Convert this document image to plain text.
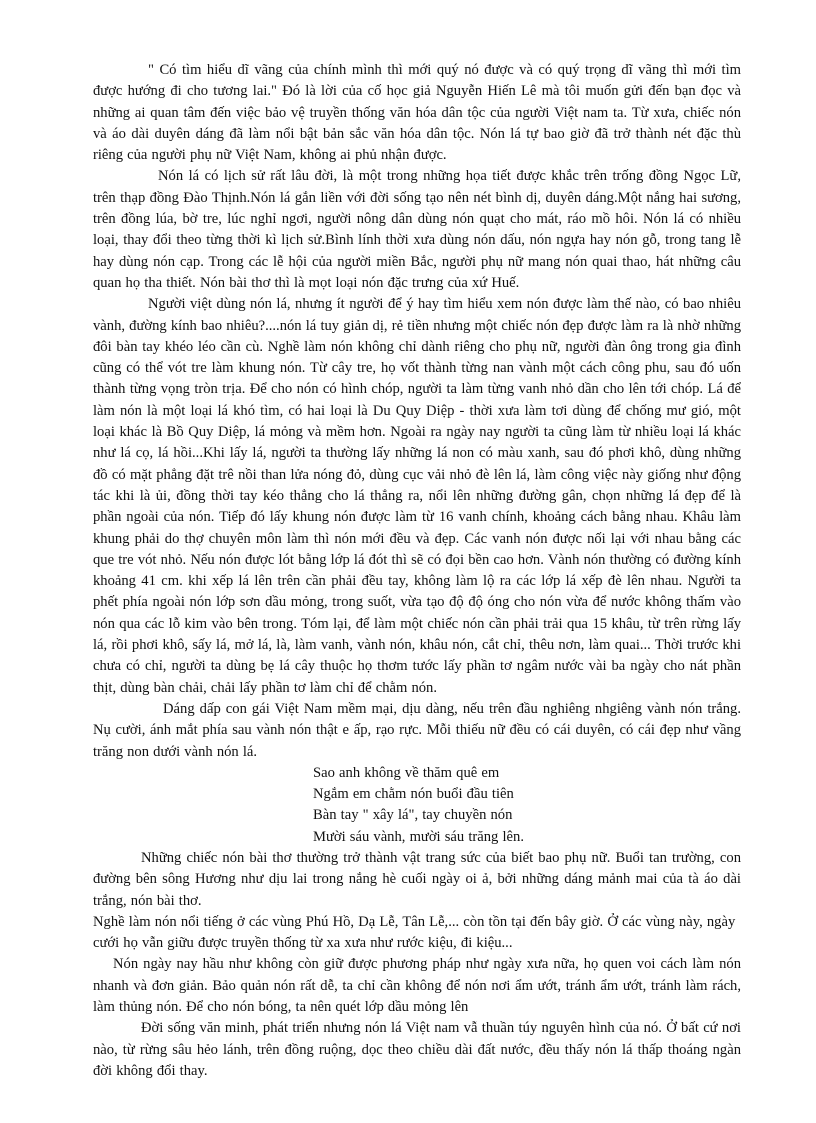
" Có tìm hiểu dĩ vãng của chính mình thì mới quý nó được và có quý trọng dĩ vãng thì mới tìm được hướng đi cho tương lai." Đó là lời của cố học giả Nguyễn Hiến Lê mà tôi muốn gửi đến bạn đọc và những ai quan tâm đến việc bảo vệ truyền thống văn hóa dân tộc của người Việt nam ta. Từ xưa, chiếc nón và áo dài duyên dáng đã làm nổi bật bản sắc văn hóa dân tộc. Nón lá tự bao giờ đã trở thành nét đặc thù riêng của người phụ nữ Việt Nam, không ai phủ nhận được.

Nón lá có lịch sử rất lâu đời, là một trong những họa tiết được khắc trên trống đồng Ngọc Lữ, trên thạp đồng Đào Thịnh.Nón lá gắn liền với đời sống tạo nên nét bình dị, duyên dáng.Một nắng hai sương, trên đồng lúa, bờ tre, lúc nghỉ ngơi, người nông dân dùng nón quạt cho mát, ráo mồ hôi. Nón lá có nhiều loại, thay đổi theo từng thời kì lịch sử.Bình lính thời xưa dùng nón dấu, nón ngựa hay nón gỗ, trong tang lễ hay dùng nón cạp. Trong các lễ hội của người miền Bắc, người phụ nữ mang nón quai thao, hát những câu quan họ tha thiết. Nón bài thơ thì là mọt loại nón đặc trưng của xứ Huế.

Người việt dùng nón lá, nhưng ít người để ý hay tìm hiểu xem nón được làm thế nào, có bao nhiêu vành, đường kính bao nhiêu?....nón lá tuy giản dị, rẻ tiền nhưng một chiếc nón đẹp được làm ra là nhờ những đôi bàn tay khéo léo cần cù. Nghề làm nón không chỉ dành riêng cho phụ nữ, người đàn ông trong gia đình cũng có thể vót tre làm khung nón. Từ cây tre, họ vốt thành từng nan vành một cách công phu, sau đó uốn thành từng vọng tròn trịa. Để cho nón có hình chóp, người ta làm từng vanh nhỏ dần cho lên tới chóp. Lá để làm nón là một loại lá khó tìm, có hai loại là Du Quy Diệp - thời xưa làm tơi dùng để chống mư gió, một loại khác là Bồ Quy Diệp, lá mỏng và mềm hơn. Ngoài ra ngày nay người ta cũng làm từ nhiều loại lá khác như lá cọ, lá hồi...Khi lấy lá, người ta thường lấy những lá non có màu xanh, sau đó phơi khô, dùng những đồ có mặt phẳng đặt trê nồi than lửa nóng đỏ, dùng cục vải nhỏ đè lên lá, làm công việc này giống như động tác khi là ủi, đồng thời tay kéo thẳng cho lá thẳng ra, nổi lên những đường gân, chọn những lá đẹp để là phần ngoài của nón. Tiếp đó lấy khung nón được làm từ 16 vanh chính, khoảng cách bằng nhau. Khâu làm khung phải do thợ chuyên môn làm thì nón mới đều và đẹp. Các vanh nón được nối lại với nhau bằng các que tre vót nhỏ. Nếu nón được lót bằng lớp lá đót thì sẽ có đọi bền cao hơn. Vành nón thường có đường kính khoảng 41 cm. khi xếp lá lên trên cần phải đều tay, không làm lộ ra các lớp lá xếp đè lên nhau. Người ta phết phía ngoài nón lớp sơn dầu mỏng, trong suốt, vừa tạo độ độ óng cho nón vừa để nước không thấm vào nón qua các lỗ kim vào bên trong. Tóm lại, để làm một chiếc nón cần phải trải qua 15 khâu, từ trên rừng lấy lá, rồi phơi khô, sấy lá, mở lá, là, làm vanh, vành nón, khâu nón, cắt chỉ, thêu nơn, làm quai... Thời trước khi chưa có chỉ, người ta dùng bẹ lá cây thuộc họ thơm tước lấy phần tơ ngâm nước vài ba ngày cho nát phần thịt, dùng bàn chải, chải lấy phần tơ làm chỉ để chằm nón.

Dáng dấp con gái Việt Nam mềm mại, dịu dàng, nếu trên đầu nghiêng nhgiêng vành nón trắng. Nụ cười, ánh mắt phía sau vành nón thật e ấp, rạo rực. Mỗi thiếu nữ đều có cái duyên, có cái đẹp như vầng trăng non dưới vành nón lá.

Sao anh không về thăm quê em
Ngắm em chằm nón buổi đầu tiên
Bàn tay " xây lá", tay chuyền nón
Mười sáu vành, mười sáu trăng lên.

Những chiếc nón bài thơ thường trở thành vật trang sức của biết bao phụ nữ. Buổi tan trường, con đường bên sông Hương như dịu lai trong nắng hè cuối ngày oi ả, bởi những dáng mảnh mai của tà áo dài trắng, nón bài thơ.

Nghề làm nón nổi tiếng ở các vùng Phú Hồ, Dạ Lễ, Tân Lễ,... còn tồn tại đến bây giờ. Ở các vùng này, ngày cưới họ vẫn giữu được truyền thống từ xa xưa như rước kiệu, đi kiệu...

Nón ngày nay hầu như không còn giữ được phương pháp như ngày xưa nữa, họ quen voi cách làm nón nhanh và đơn giản. Bảo quản nón rất dễ, ta chỉ cần không để nón nơi ẩm ướt, tránh ẩm ướt, tránh làm rách, làm thủng nón. Để cho nón bóng, ta nên quét lớp dầu mỏng lên

Đời sống văn minh, phát triển nhưng nón lá Việt nam vẫ thuần túy nguyên hình của nó. Ở bất cứ nơi nào, từ rừng sâu hẻo lánh, trên đồng ruộng, dọc theo chiều dài đất nước, đều thấy nón lá thấp thoáng ngàn đời không đổi thay.
